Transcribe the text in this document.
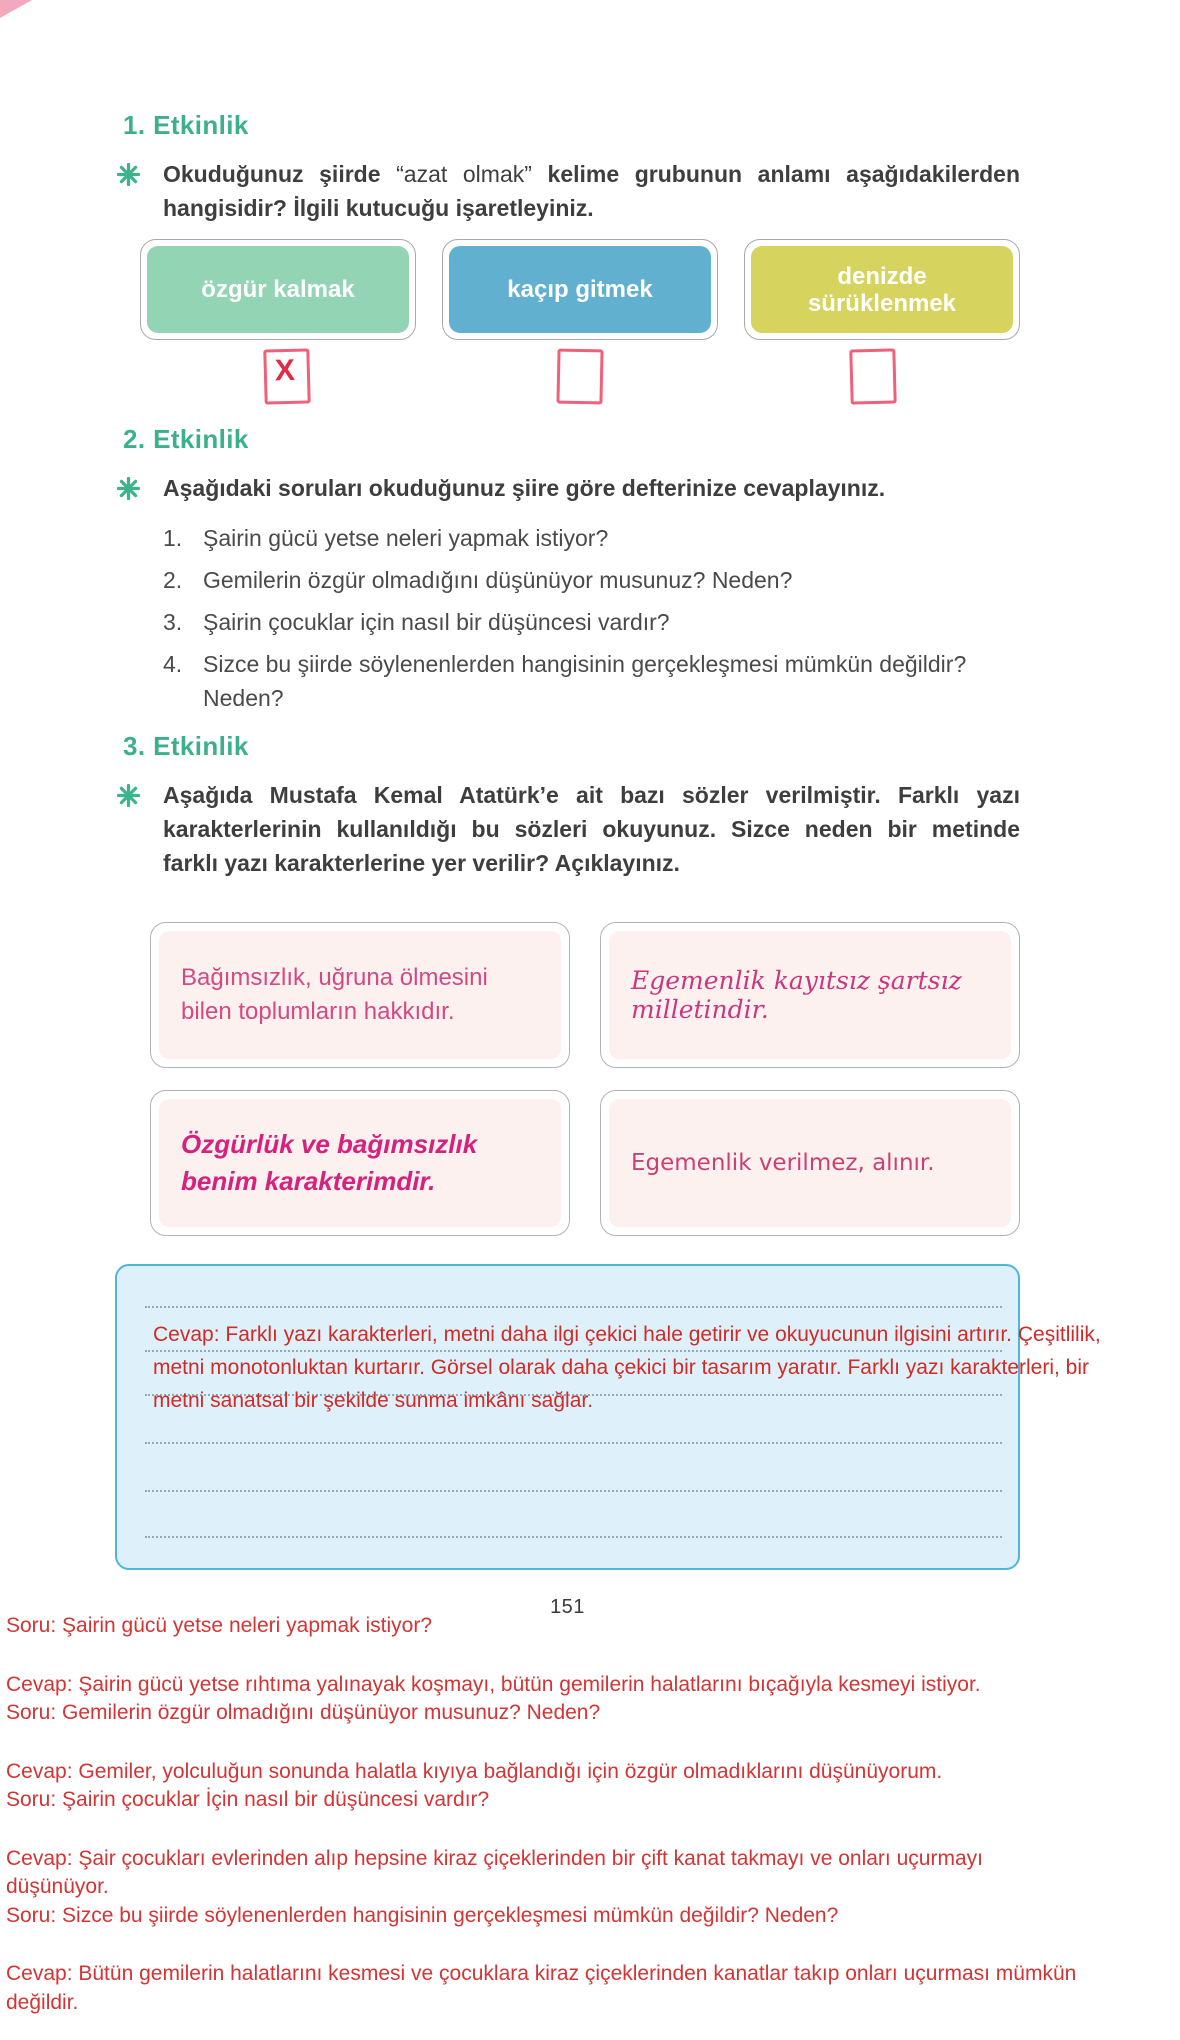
1. Etkinlik
Okuduğunuz şiirde “azat olmak” kelime grubunun anlamı aşağıdakilerden
hangisidir? İlgili kutucuğu işaretleyiniz.
özgür kalmak	kaçıp gitmek	denizde sürüklenmek
X
2. Etkinlik
Aşağıdaki soruları okuduğunuz şiire göre defterinize cevaplayınız.
1. Şairin gücü yetse neleri yapmak istiyor?
2. Gemilerin özgür olmadığını düşünüyor musunuz? Neden?
3. Şairin çocuklar için nasıl bir düşüncesi vardır?
4. Sizce bu şiirde söylenenlerden hangisinin gerçekleşmesi mümkün değildir? Neden?
3. Etkinlik
Aşağıda Mustafa Kemal Atatürk’e ait bazı sözler verilmiştir. Farklı yazı
karakterlerinin kullanıldığı bu sözleri okuyunuz. Sizce neden bir metinde
farklı yazı karakterlerine yer verilir? Açıklayınız.
Bağımsızlık, uğruna ölmesini bilen toplumların hakkıdır.
Egemenlik kayıtsız şartsız milletindir.
Özgürlük ve bağımsızlık benim karakterimdir.
Egemenlik verilmez, alınır.
Cevap: Farklı yazı karakterleri, metni daha ilgi çekici hale getirir ve okuyucunun ilgisini artırır. Çeşitlilik,
metni monotonluktan kurtarır. Görsel olarak daha çekici bir tasarım yaratır. Farklı yazı karakterleri, bir
metni sanatsal bir şekilde sunma imkânı sağlar.
151
Soru: Şairin gücü yetse neleri yapmak istiyor?
Cevap: Şairin gücü yetse rıhtıma yalınayak koşmayı, bütün gemilerin halatlarını bıçağıyla kesmeyi istiyor.
Soru: Gemilerin özgür olmadığını düşünüyor musunuz? Neden?
Cevap: Gemiler, yolculuğun sonunda halatla kıyıya bağlandığı için özgür olmadıklarını düşünüyorum.
Soru: Şairin çocuklar İçin nasıl bir düşüncesi vardır?
Cevap: Şair çocukları evlerinden alıp hepsine kiraz çiçeklerinden bir çift kanat takmayı ve onları uçurmayı
düşünüyor.
Soru: Sizce bu şiirde söylenenlerden hangisinin gerçekleşmesi mümkün değildir? Neden?
Cevap: Bütün gemilerin halatlarını kesmesi ve çocuklara kiraz çiçeklerinden kanatlar takıp onları uçurması mümkün
değildir.
